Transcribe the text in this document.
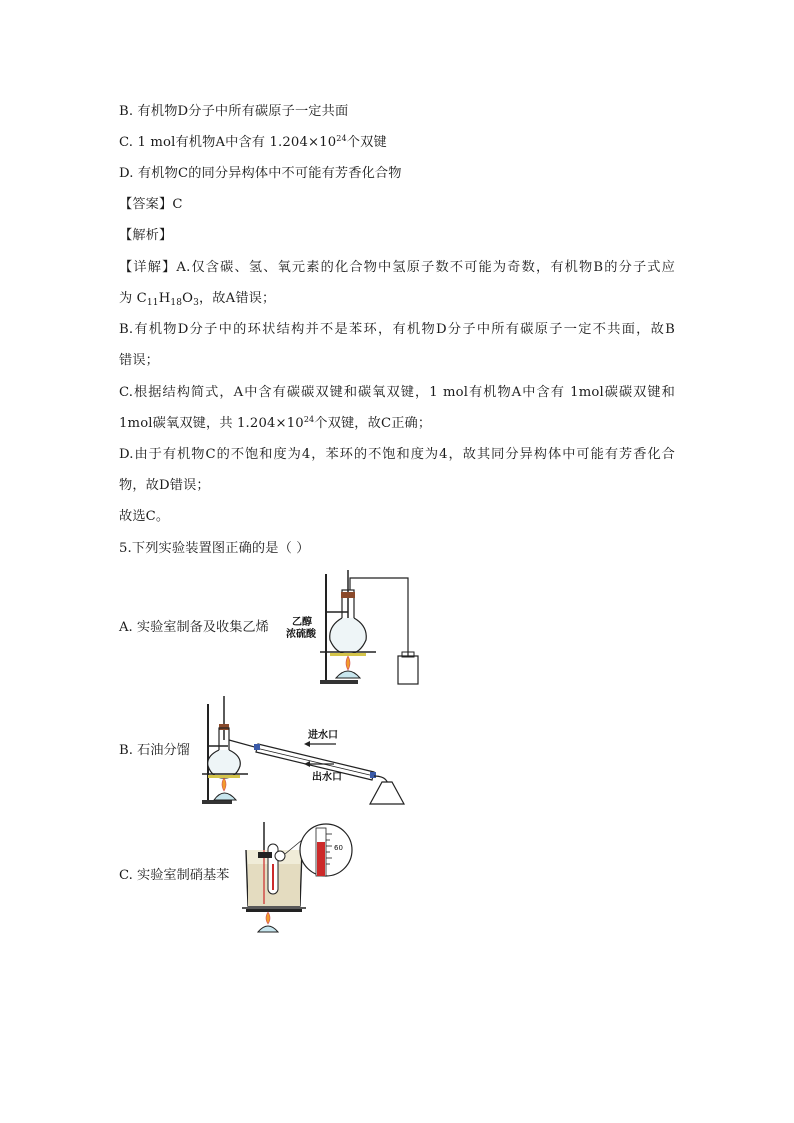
B. 有机物D分子中所有碳原子一定共面
C. 1 mol有机物A中含有 $1.204\times 10^{24}$个双键
D. 有机物C的同分异构体中不可能有芳香化合物
【答案】C
【解析】
【详解】A.仅含碳、氢、氧元素的化合物中氢原子数不可能为奇数，有机物B的分子式应
为 $C_{11}H_{18}O_3$，故A错误；
B.有机物D分子中的环状结构并不是苯环，有机物D分子中所有碳原子一定不共面，故B
错误；
C.根据结构简式，A中含有碳碳双键和碳氧双键，1 mol有机物A中含有 1mol碳碳双键和
1mol碳氧双键，共 $1.204\times 10^{24}$个双键，故C正确；
D.由于有机物C的不饱和度为4，苯环的不饱和度为4，故其同分异构体中可能有芳香化合
物，故D错误；
故选C。
5.下列实验装置图正确的是（ ）
A. 实验室制备及收集乙烯 乙醇
浓硫酸
B. 石油分馏
进水口
出水口
C. 实验室制硝基苯
60
